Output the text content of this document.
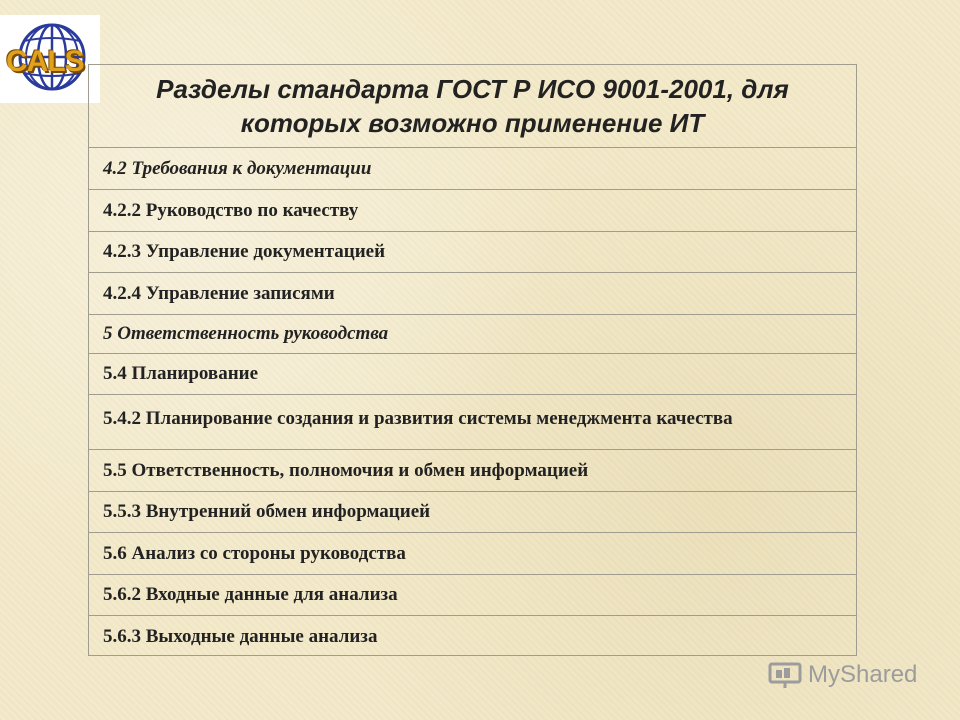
CALS
Разделы стандарта ГОСТ Р ИСО 9001-2001, для которых возможно применение ИТ
4.2 Требования к документации
4.2.2 Руководство по качеству
4.2.3 Управление документацией
4.2.4 Управление записями
5 Ответственность руководства
5.4 Планирование
5.4.2 Планирование создания и развития системы менеджмента качества
5.5 Ответственность, полномочия и обмен информацией
5.5.3 Внутренний обмен информацией
5.6 Анализ со стороны руководства
5.6.2 Входные данные для анализа
5.6.3 Выходные данные анализа
MyShared
